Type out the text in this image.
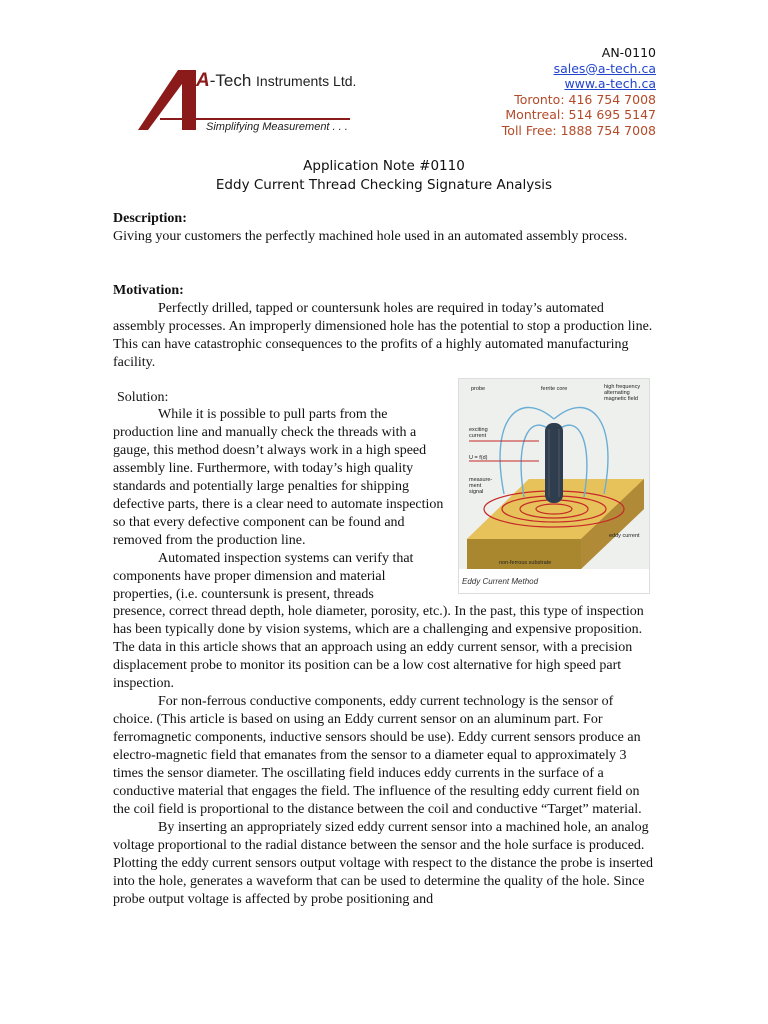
A-Tech Instruments Ltd.
Simplifying Measurement . . .
AN-0110
sales@a-tech.ca
www.a-tech.ca
Toronto: 416 754 7008
Montreal: 514 695 5147
Toll Free: 1888 754 7008
Application Note #0110
Eddy Current Thread Checking Signature Analysis
Description:

Giving your customers the perfectly machined hole used in an automated assembly process.

Motivation:

Perfectly drilled, tapped or countersunk holes are required in today’s automated assembly processes. An improperly dimensioned hole has the potential to stop a production line. This can have catastrophic consequences to the profits of a highly automated manufacturing facility.

Solution:

While it is possible to pull parts from the production line and manually check the threads with a gauge, this method doesn’t always work in a high speed assembly line. Furthermore, with today’s high quality standards and potentially large penalties for shipping defective parts, there is a clear need to automate inspection so that every defective component can be found and removed from the production line.

Automated inspection systems can verify that components have proper dimension and material properties, (i.e. countersunk is present, threads

probe	ferrite core	high frequency
alternating
magnetic field
exciting
current
U = f(d)
measure-
ment
signal
eddy current
non-ferrous substrate
Eddy Current Method

presence, correct thread depth, hole diameter, porosity, etc.). In the past, this type of inspection has been typically done by vision systems, which are a challenging and expensive proposition. The data in this article shows that an approach using an eddy current sensor, with a precision displacement probe to monitor its position can be a low cost alternative for high speed part inspection.

For non-ferrous conductive components, eddy current technology is the sensor of choice. (This article is based on using an Eddy current sensor on an aluminum part. For ferromagnetic components, inductive sensors should be use). Eddy current sensors produce an electro-magnetic field that emanates from the sensor to a diameter equal to approximately 3 times the sensor diameter. The oscillating field induces eddy currents in the surface of a conductive material that engages the field. The influence of the resulting eddy current field on the coil field is proportional to the distance between the coil and conductive “Target” material.

By inserting an appropriately sized eddy current sensor into a machined hole, an analog voltage proportional to the radial distance between the sensor and the hole surface is produced. Plotting the eddy current sensors output voltage with respect to the distance the probe is inserted into the hole, generates a waveform that can be used to determine the quality of the hole. Since probe output voltage is affected by probe positioning and
